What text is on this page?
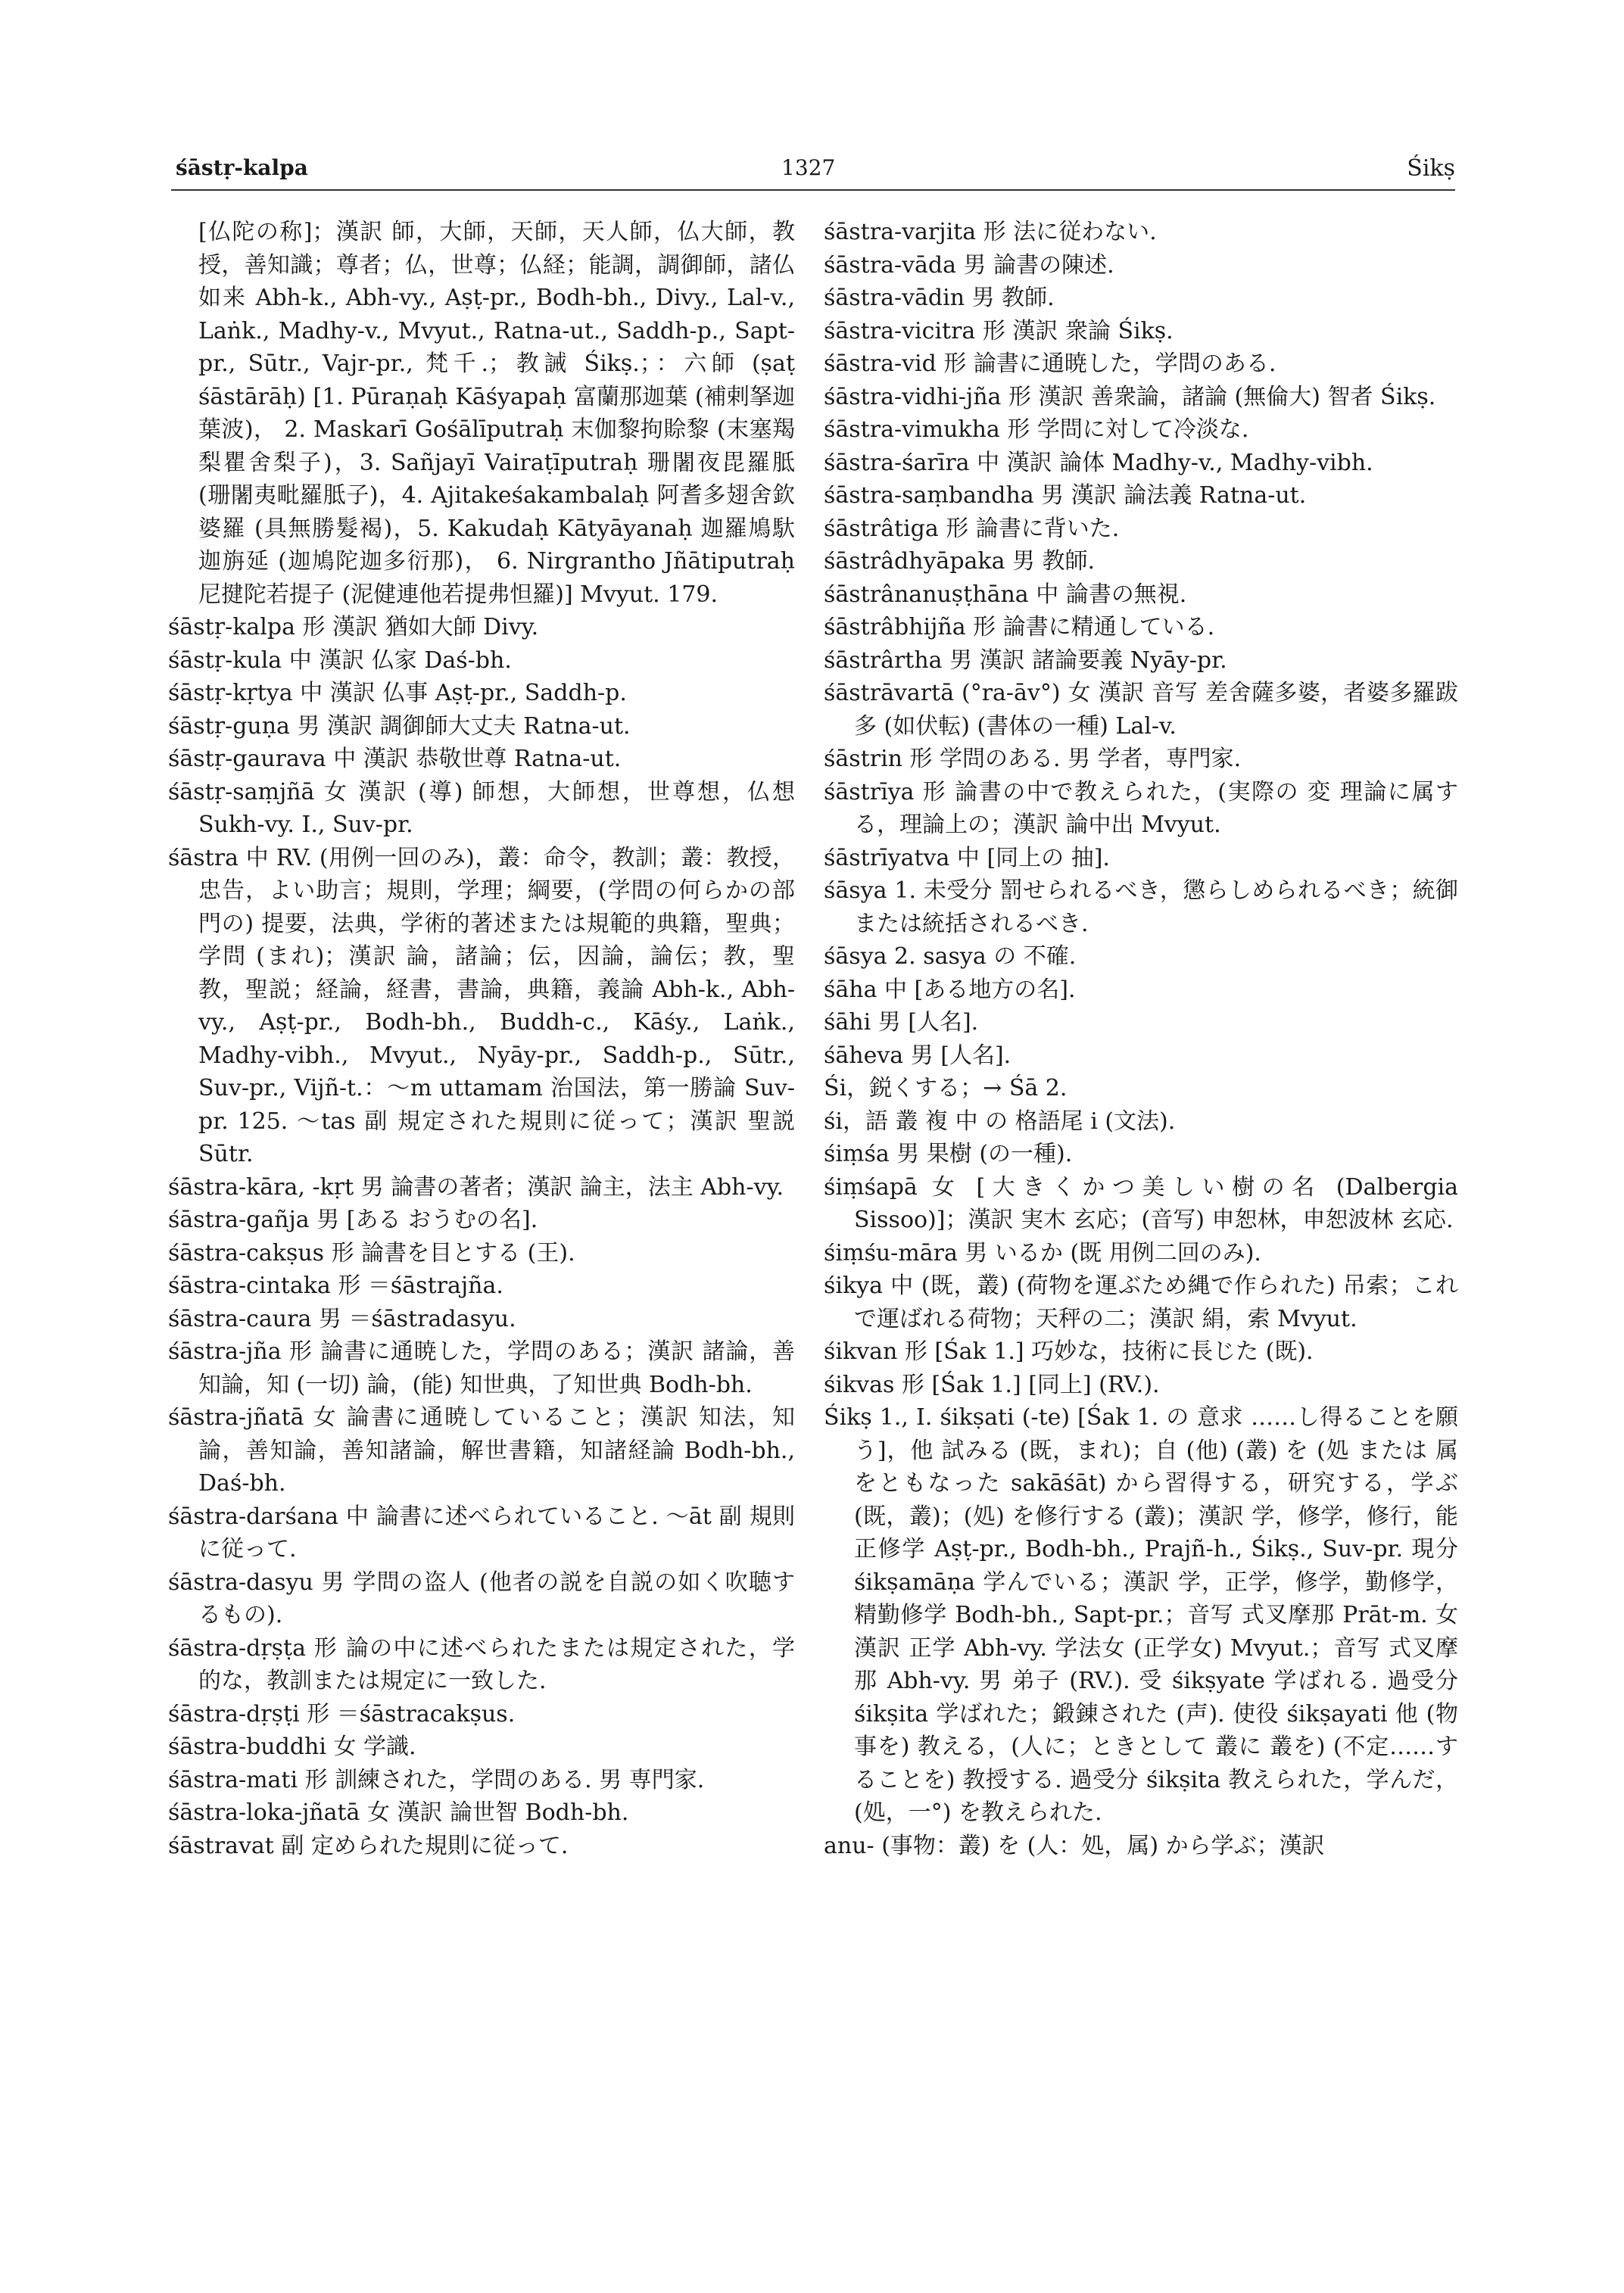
śāstṛ-kalpa	1327	Śikṣ

[仏陀の称]；漢訳 師，大師，天師，天人師，仏大師，教授，善知識；尊者；仏，世尊；仏経；能調，調御師，諸仏如来 Abh-k., Abh-vy., Aṣṭ-pr., Bodh-bh., Divy., Lal-v., Laṅk., Madhy-v., Mvyut., Ratna-ut., Saddh-p., Sapt-pr., Sūtr., Vajr-pr., 梵千.；教誡 Śikṣ.；：六師 (ṣaṭ śāstārāḥ) [1. Pūraṇaḥ Kāśyapaḥ 富蘭那迦葉 (補剌拏迦葉波)， 2. Maskarī Gośālīputraḥ 末伽黎拘賒黎 (末塞羯梨瞿舍梨子)，3. Sañjayī Vairaṭīputraḥ 珊闍夜毘羅胝 (珊闍夷毗羅胝子)，4. Ajitakeśakambalaḥ 阿耆多翅舍欽婆羅 (具無勝髮褐)，5. Kakudaḥ Kātyāyanaḥ 迦羅鳩馱迦旃延 (迦鳩陀迦多衍那)， 6. Nirgrantho Jñātiputraḥ 尼揵陀若提子 (泥健連他若提弗怛羅)] Mvyut. 179.

śāstṛ-kalpa 形 漢訳 猶如大師 Divy.

śāstṛ-kula 中 漢訳 仏家 Daś-bh.

śāstṛ-kṛtya 中 漢訳 仏事 Aṣṭ-pr., Saddh-p.

śāstṛ-guṇa 男 漢訳 調御師大丈夫 Ratna-ut.

śāstṛ-gaurava 中 漢訳 恭敬世尊 Ratna-ut.

śāstṛ-saṃjñā 女 漢訳 (導) 師想，大師想，世尊想，仏想 Sukh-vy. I., Suv-pr.

śāstra 中 RV. (用例一回のみ)，叢：命令，教訓；叢：教授，忠告，よい助言；規則，学理；綱要，(学問の何らかの部門の) 提要，法典，学術的著述または規範的典籍，聖典；学問 (まれ)；漢訳 論，諸論；伝，因論，論伝；教，聖教，聖説；経論，経書，書論，典籍，義論 Abh-k., Abh-vy., Aṣṭ-pr., Bodh-bh., Buddh-c., Kāśy., Laṅk., Madhy-vibh., Mvyut., Nyāy-pr., Saddh-p., Sūtr., Suv-pr., Vijñ-t.：～m uttamam 治国法，第一勝論 Suv-pr. 125. ～tas 副 規定された規則に従って；漢訳 聖説 Sūtr.

śāstra-kāra, -kṛt 男 論書の著者；漢訳 論主，法主 Abh-vy.

śāstra-gañja 男 [ある おうむの名].

śāstra-cakṣus 形 論書を目とする (王).

śāstra-cintaka 形 ＝śāstrajña.

śāstra-caura 男 ＝śāstradasyu.

śāstra-jña 形 論書に通暁した，学問のある；漢訳 諸論，善知論，知 (一切) 論，(能) 知世典，了知世典 Bodh-bh.

śāstra-jñatā 女 論書に通暁していること；漢訳 知法，知論，善知論，善知諸論，解世書籍，知諸経論 Bodh-bh., Daś-bh.

śāstra-darśana 中 論書に述べられていること. ～āt 副 規則に従って.

śāstra-dasyu 男 学問の盗人 (他者の説を自説の如く吹聴するもの).

śāstra-dṛṣṭa 形 論の中に述べられたまたは規定された，学的な，教訓または規定に一致した.

śāstra-dṛṣṭi 形 ＝śāstracakṣus.

śāstra-buddhi 女 学識.

śāstra-mati 形 訓練された，学問のある. 男 専門家.

śāstra-loka-jñatā 女 漢訳 論世智 Bodh-bh.

śāstravat 副 定められた規則に従って.

śāstra-varjita 形 法に従わない.

śāstra-vāda 男 論書の陳述.

śāstra-vādin 男 教師.

śāstra-vicitra 形 漢訳 衆論 Śikṣ.

śāstra-vid 形 論書に通暁した，学問のある.

śāstra-vidhi-jña 形 漢訳 善衆論，諸論 (無倫大) 智者 Śikṣ.

śāstra-vimukha 形 学問に対して冷淡な.

śāstra-śarīra 中 漢訳 論体 Madhy-v., Madhy-vibh.

śāstra-saṃbandha 男 漢訳 論法義 Ratna-ut.

śāstrâtiga 形 論書に背いた.

śāstrâdhyāpaka 男 教師.

śāstrânanuṣṭhāna 中 論書の無視.

śāstrâbhijña 形 論書に精通している.

śāstrârtha 男 漢訳 諸論要義 Nyāy-pr.

śāstrāvartā (°ra-āv°) 女 漢訳 音写 差舍薩多婆，者婆多羅跋多 (如伏転) (書体の一種) Lal-v.

śāstrin 形 学問のある. 男 学者，専門家.

śāstrīya 形 論書の中で教えられた，(実際の 変 理論に属する，理論上の；漢訳 論中出 Mvyut.

śāstrīyatva 中 [同上の 抽].

śāsya 1. 未受分 罰せられるべき，懲らしめられるべき；統御または統括されるべき.

śāsya 2. sasya の 不確.

śāha 中 [ある地方の名].

śāhi 男 [人名].

śāheva 男 [人名].

Śi，鋭くする；→ Śā 2.

śi，語 叢 複 中 の 格語尾 i (文法).

śiṃśa 男 果樹 (の一種).

śiṃśapā 女 [大きくかつ美しい樹の名 (Dalbergia Sissoo)]；漢訳 実木 玄応；(音写) 申恕林，申恕波林 玄応.

śiṃśu-māra 男 いるか (既 用例二回のみ).

śikya 中 (既，叢) (荷物を運ぶため縄で作られた) 吊索；これで運ばれる荷物；天秤の二；漢訳 絹，索 Mvyut.

śikvan 形 [Śak 1.] 巧妙な，技術に長じた (既).

śikvas 形 [Śak 1.] [同上] (RV.).

Śikṣ 1., I. śikṣati (-te) [Śak 1. の 意求 ……し得ることを願う]，他 試みる (既，まれ)；自 (他) (叢) を (処 または 属 をともなった sakāśāt) から習得する，研究する，学ぶ (既，叢)；(処) を修行する (叢)；漢訳 学，修学，修行，能正修学 Aṣṭ-pr., Bodh-bh., Prajñ-h., Śikṣ., Suv-pr. 現分 śikṣamāṇa 学んでいる；漢訳 学，正学，修学，勤修学，精勤修学 Bodh-bh., Sapt-pr.；音写 式叉摩那 Prāt-m. 女 漢訳 正学 Abh-vy. 学法女 (正学女) Mvyut.；音写 式叉摩那 Abh-vy. 男 弟子 (RV.). 受 śikṣyate 学ばれる. 過受分 śikṣita 学ばれた；鍛錬された (声). 使役 śikṣayati 他 (物事を) 教える，(人に；ときとして 叢に 叢を) (不定……することを) 教授する. 過受分 śikṣita 教えられた，学んだ，(処，一°) を教えられた.

anu- (事物：叢) を (人：処，属) から学ぶ；漢訳
